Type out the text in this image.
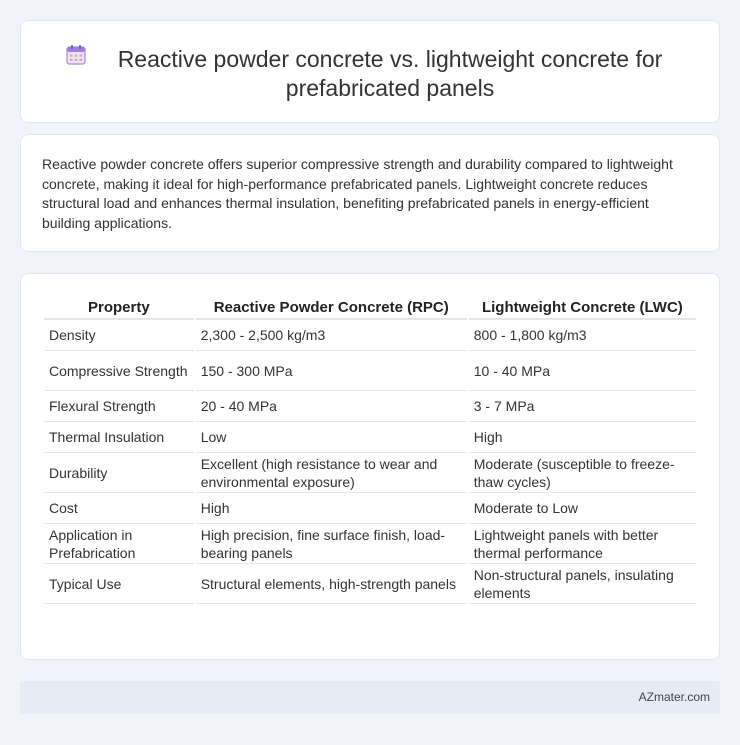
Reactive powder concrete vs. lightweight concrete for prefabricated panels

Reactive powder concrete offers superior compressive strength and durability compared to lightweight concrete, making it ideal for high-performance prefabricated panels. Lightweight concrete reduces structural load and enhances thermal insulation, benefiting prefabricated panels in energy-efficient building applications.

Property	Reactive Powder Concrete (RPC)	Lightweight Concrete (LWC)
Density	2,300 - 2,500 kg/m3	800 - 1,800 kg/m3
Compressive Strength	150 - 300 MPa	10 - 40 MPa
Flexural Strength	20 - 40 MPa	3 - 7 MPa
Thermal Insulation	Low	High
Durability	Excellent (high resistance to wear and environmental exposure)	Moderate (susceptible to freeze-thaw cycles)
Cost	High	Moderate to Low
Application in Prefabrication	High precision, fine surface finish, load-bearing panels	Lightweight panels with better thermal performance
Typical Use	Structural elements, high-strength panels	Non-structural panels, insulating elements
AZmater.com
